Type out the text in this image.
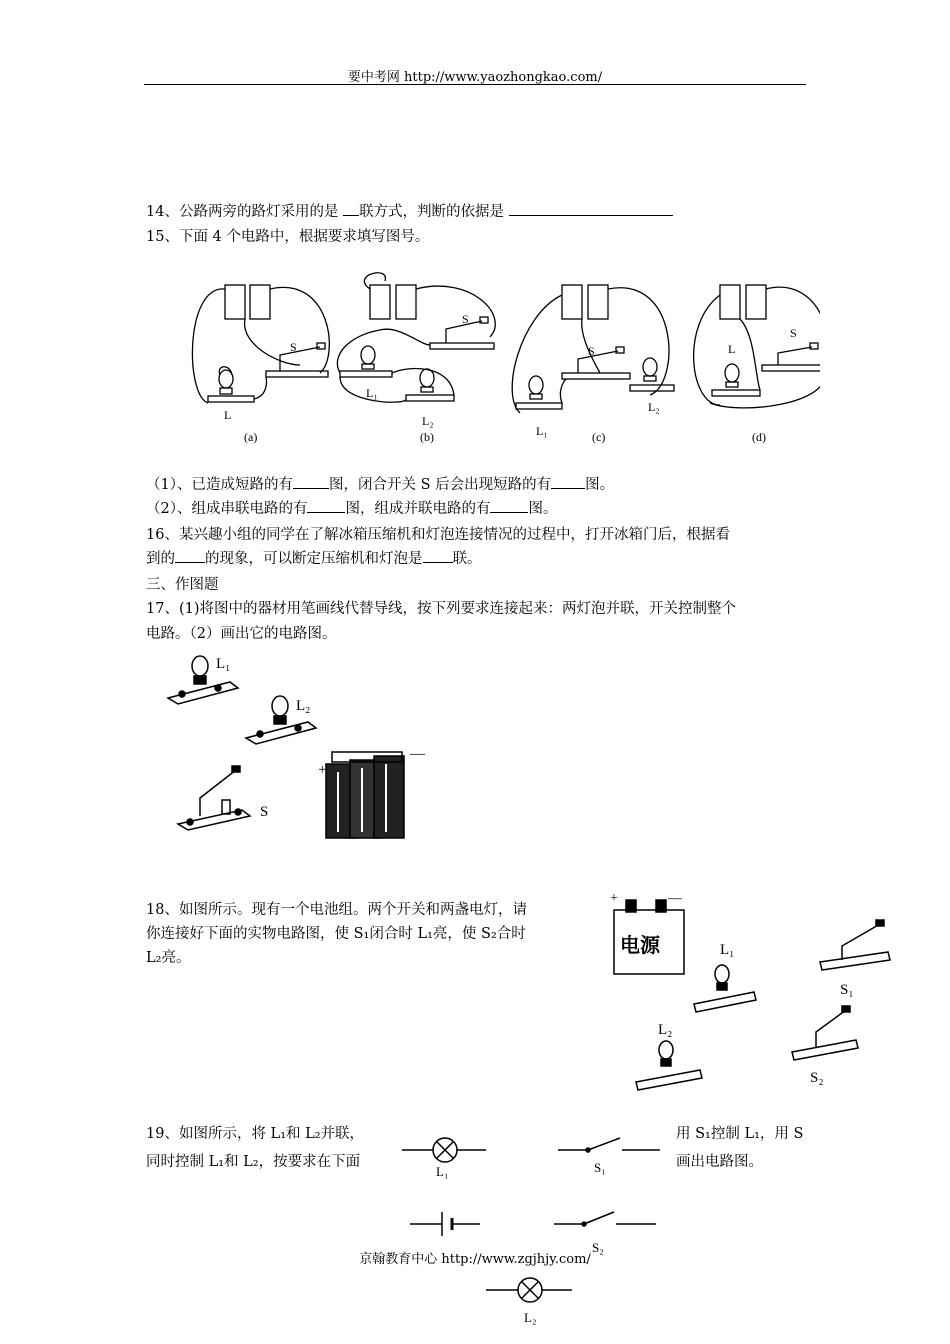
要中考网 http://www.yaozhongkao.com/
14、公路两旁的路灯采用的是 联方式，判断的依据是
15、下面 4 个电路中，根据要求填写图号。
L
S
L₁
L₂
S
S
L₁
L₂
L
S
(a)	(b)	(c)	(d)
（1）、已造成短路的有 图，闭合开关 S 后会出现短路的有 图。
（2）、组成串联电路的有	图，组成并联电路的有	图。
16、某兴趣小组的同学在了解冰箱压缩机和灯泡连接情况的过程中，打开冰箱门后，根据看
到的 的现象，可以断定压缩机和灯泡是 联。
三、作图题
17、(1)将图中的器材用笔画线代替导线，按下列要求连接起来：两灯泡并联，开关控制整个
电路。（2）画出它的电路图。
L₁
L₂
S
+
—
18、如图所示。现有一个电池组。两个开关和两盏电灯，请
你连接好下面的实物电路图，使 S₁闭合时 L₁亮，使 S₂合时
L₂亮。
电源
+	—
L₁
S₁
L₂
S₂
19、如图所示，将 L₁和 L₂并联，
同时控制 L₁和 L₂，按要求在下面
用 S₁控制 L₁，用 S
画出电路图。
L₁	S₁
S₂
L₂
京翰教育中心 http://www.zgjhjy.com/
